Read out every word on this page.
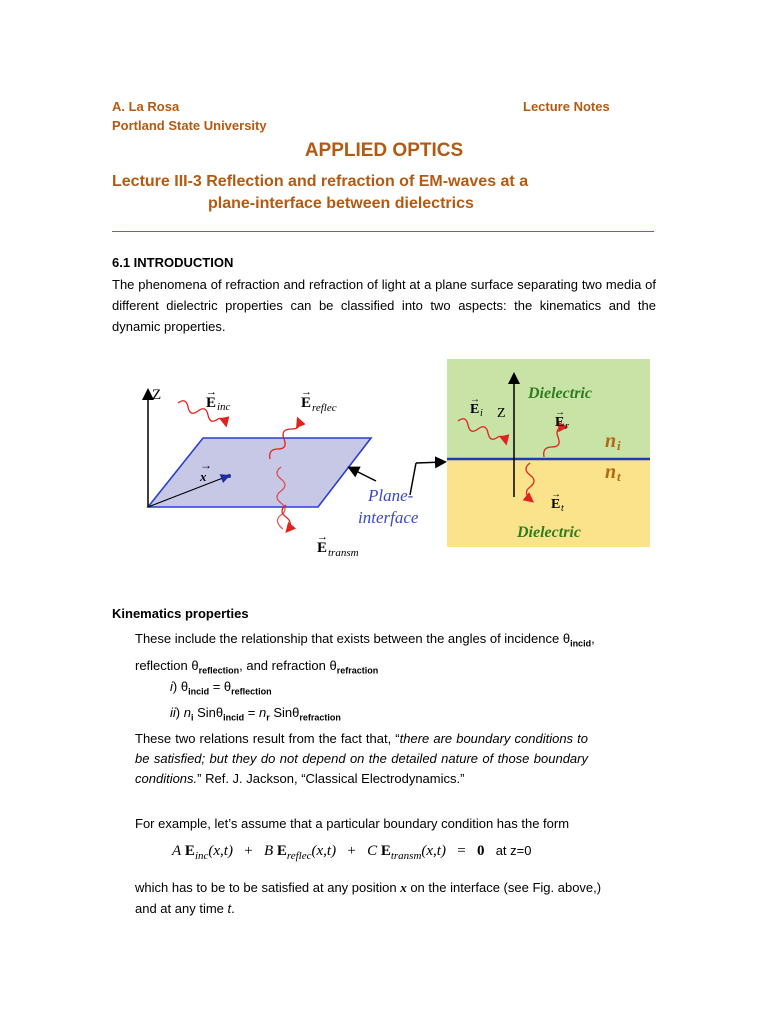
A. La Rosa	Lecture Notes
Portland State University
APPLIED OPTICS
Lecture III-3 Reflection and refraction of EM-waves at a
plane-interface between dielectrics
6.1 INTRODUCTION
The phenomena of refraction and refraction of light at a plane surface separating two media of different dielectric properties can be classified into two aspects: the kinematics and the dynamic properties.
Z
x
→
E
→
inc	E
→
reflec
E
→
transm
Plane-
interface
Dielectric
Dielectric
Z
E
→
i
E
→
r
E
→
t
n i
n t
Kinematics properties
These include the relationship that exists between the angles of incidence $\theta_{incid}$,
reflection $\theta_{reflection}$, and refraction $\theta_{refraction}$
i) $\theta_{incid} = \theta_{reflection}$
ii) $n_i$ $Sin\theta_{incid} = n_r$ Sinθ$_{refraction}$
These two relations result from the fact that, “there are boundary conditions to be satisfied; but they do not depend on the detailed nature of those boundary conditions.” Ref. J. Jackson, “Classical Electrodynamics.”
For example, let’s assume that a particular boundary condition has the form
A $E_{inc}(x,t) + B$ $E_{reflec}(x,t) + C$ $E_{transm}(x,t) = 0$ at z=0
which has to be to be satisfied at any position x on the interface (see Fig. above,) and at any time t.
